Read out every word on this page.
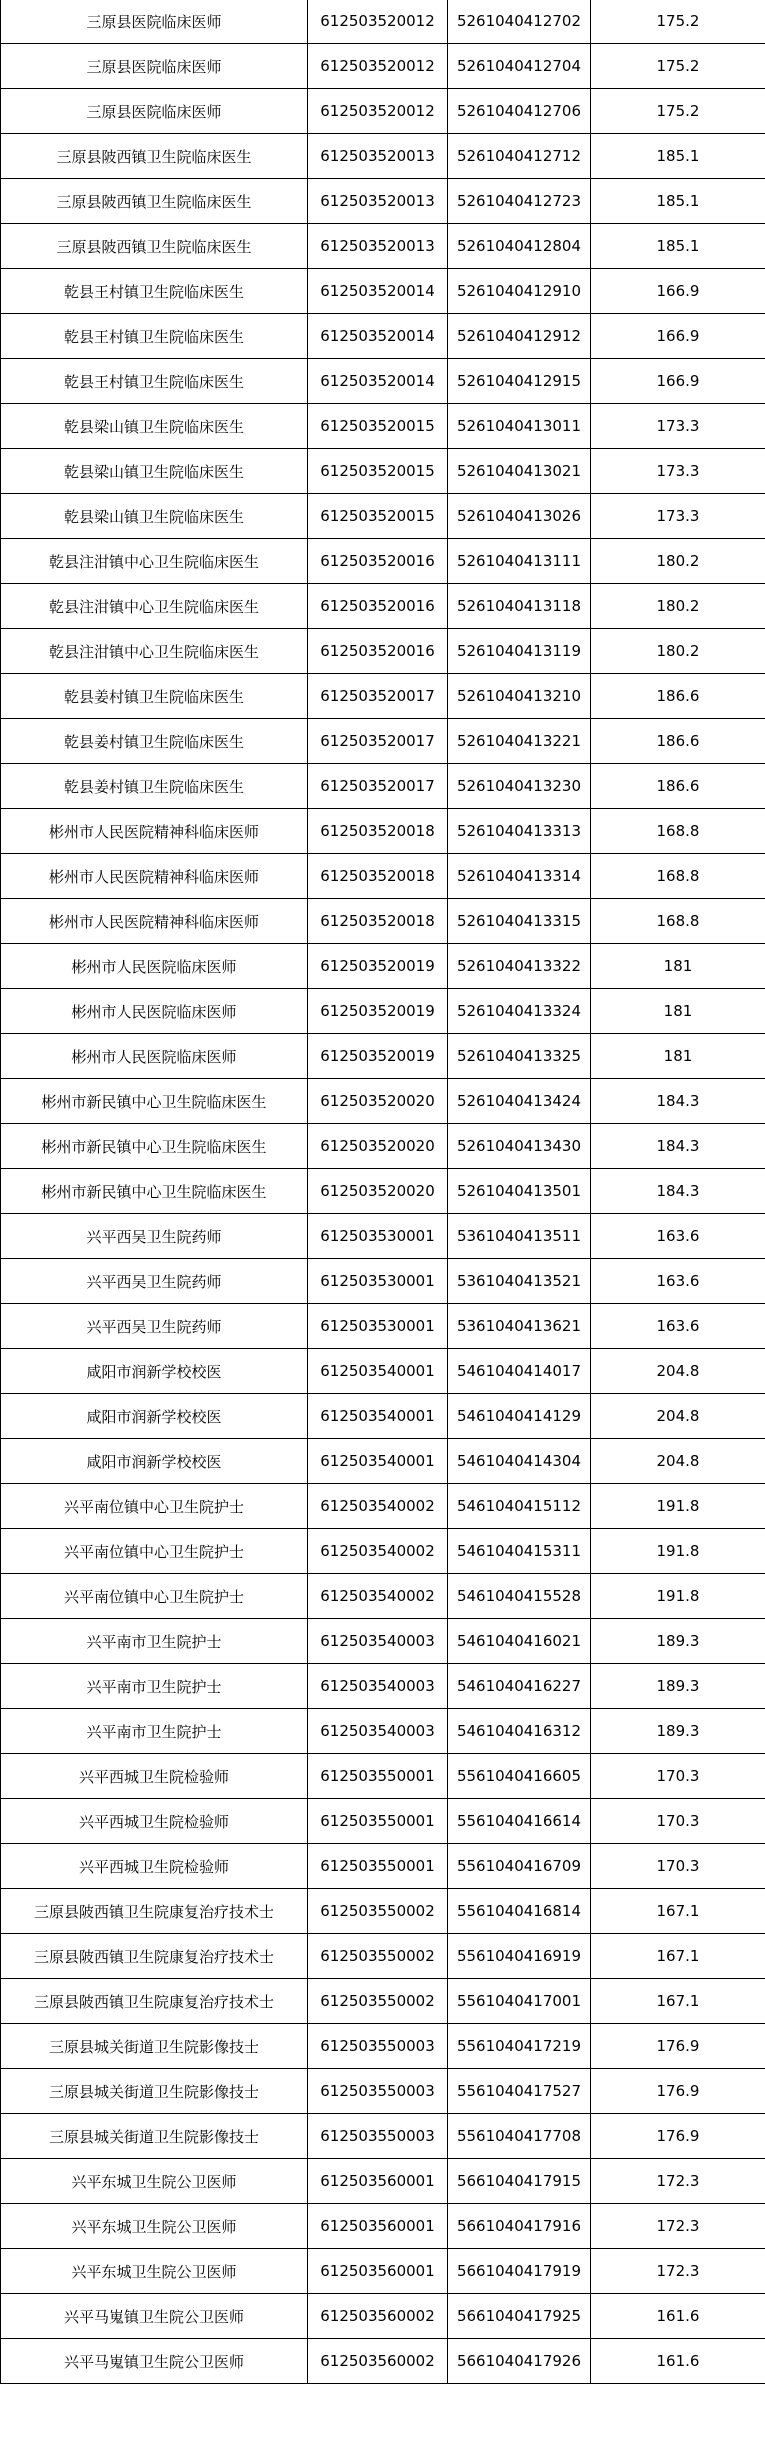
三原县医院临床医师	612503520012	5261040412702	175.2
三原县医院临床医师	612503520012	5261040412704	175.2
三原县医院临床医师	612503520012	5261040412706	175.2
三原县陂西镇卫生院临床医生	612503520013	5261040412712	185.1
三原县陂西镇卫生院临床医生	612503520013	5261040412723	185.1
三原县陂西镇卫生院临床医生	612503520013	5261040412804	185.1
乾县王村镇卫生院临床医生	612503520014	5261040412910	166.9
乾县王村镇卫生院临床医生	612503520014	5261040412912	166.9
乾县王村镇卫生院临床医生	612503520014	5261040412915	166.9
乾县梁山镇卫生院临床医生	612503520015	5261040413011	173.3
乾县梁山镇卫生院临床医生	612503520015	5261040413021	173.3
乾县梁山镇卫生院临床医生	612503520015	5261040413026	173.3
乾县注泔镇中心卫生院临床医生	612503520016	5261040413111	180.2
乾县注泔镇中心卫生院临床医生	612503520016	5261040413118	180.2
乾县注泔镇中心卫生院临床医生	612503520016	5261040413119	180.2
乾县姜村镇卫生院临床医生	612503520017	5261040413210	186.6
乾县姜村镇卫生院临床医生	612503520017	5261040413221	186.6
乾县姜村镇卫生院临床医生	612503520017	5261040413230	186.6
彬州市人民医院精神科临床医师	612503520018	5261040413313	168.8
彬州市人民医院精神科临床医师	612503520018	5261040413314	168.8
彬州市人民医院精神科临床医师	612503520018	5261040413315	168.8
彬州市人民医院临床医师	612503520019	5261040413322	181
彬州市人民医院临床医师	612503520019	5261040413324	181
彬州市人民医院临床医师	612503520019	5261040413325	181
彬州市新民镇中心卫生院临床医生	612503520020	5261040413424	184.3
彬州市新民镇中心卫生院临床医生	612503520020	5261040413430	184.3
彬州市新民镇中心卫生院临床医生	612503520020	5261040413501	184.3
兴平西吴卫生院药师	612503530001	5361040413511	163.6
兴平西吴卫生院药师	612503530001	5361040413521	163.6
兴平西吴卫生院药师	612503530001	5361040413621	163.6
咸阳市润新学校校医	612503540001	5461040414017	204.8
咸阳市润新学校校医	612503540001	5461040414129	204.8
咸阳市润新学校校医	612503540001	5461040414304	204.8
兴平南位镇中心卫生院护士	612503540002	5461040415112	191.8
兴平南位镇中心卫生院护士	612503540002	5461040415311	191.8
兴平南位镇中心卫生院护士	612503540002	5461040415528	191.8
兴平南市卫生院护士	612503540003	5461040416021	189.3
兴平南市卫生院护士	612503540003	5461040416227	189.3
兴平南市卫生院护士	612503540003	5461040416312	189.3
兴平西城卫生院检验师	612503550001	5561040416605	170.3
兴平西城卫生院检验师	612503550001	5561040416614	170.3
兴平西城卫生院检验师	612503550001	5561040416709	170.3
三原县陂西镇卫生院康复治疗技术士	612503550002	5561040416814	167.1
三原县陂西镇卫生院康复治疗技术士	612503550002	5561040416919	167.1
三原县陂西镇卫生院康复治疗技术士	612503550002	5561040417001	167.1
三原县城关街道卫生院影像技士	612503550003	5561040417219	176.9
三原县城关街道卫生院影像技士	612503550003	5561040417527	176.9
三原县城关街道卫生院影像技士	612503550003	5561040417708	176.9
兴平东城卫生院公卫医师	612503560001	5661040417915	172.3
兴平东城卫生院公卫医师	612503560001	5661040417916	172.3
兴平东城卫生院公卫医师	612503560001	5661040417919	172.3
兴平马嵬镇卫生院公卫医师	612503560002	5661040417925	161.6
兴平马嵬镇卫生院公卫医师	612503560002	5661040417926	161.6
